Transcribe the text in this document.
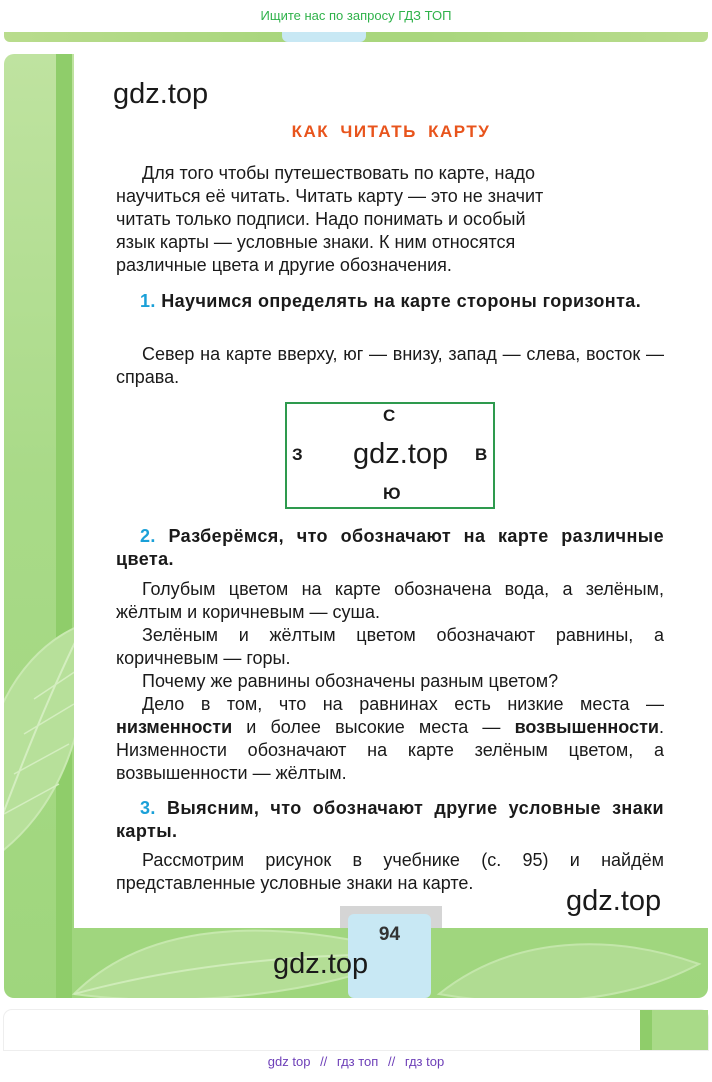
Ищите нас по запросу ГДЗ ТОП
gdz.top
КАК ЧИТАТЬ КАРТУ
Для того чтобы путешествовать по карте, надо
научиться её читать. Читать карту — это не значит
читать только подписи. Надо понимать и особый
язык карты — условные знаки. К ним относятся
различные цвета и другие обозначения.
1. Научимся определять на карте стороны горизонта.
Север на карте вверху, юг — внизу, запад — слева, восток — справа.
С
Ю
З	В
gdz.top
2. Разберёмся, что обозначают на карте различные цвета.
Голубым цветом на карте обозначена вода, а зелёным, жёлтым и коричневым — суша.
Зелёным и жёлтым цветом обозначают равнины, а коричневым — горы.
Почему же равнины обозначены разным цветом?
Дело в том, что на равнинах есть низкие места — низменности и более высокие места — возвышенности. Низменности обозначают на карте зелёным цветом, а возвышенности — жёлтым.
3. Выясним, что обозначают другие условные знаки карты.
Рассмотрим рисунок в учебнике (с. 95) и найдём представленные условные знаки на карте.
gdz.top
94
gdz.top
gdz top // гдз топ // гдз top
